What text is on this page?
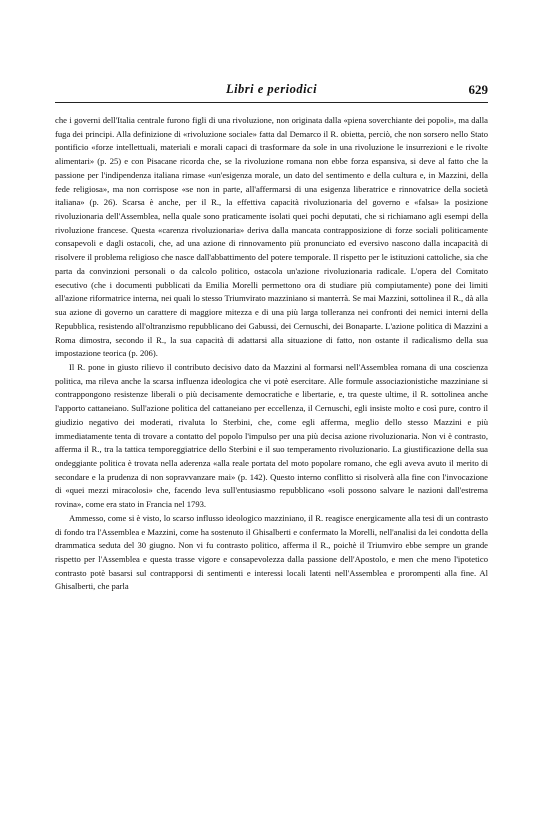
Libri e periodici	629

che i governi dell'Italia centrale furono figli di una rivoluzione, non originata dalla «piena soverchiante dei popoli», ma dalla fuga dei principi. Alla definizione di «rivoluzione sociale» fatta dal Demarco il R. obietta, perciò, che non sorsero nello Stato pontificio «forze intellettuali, materiali e morali capaci di trasformare da sole in una rivoluzione le insurrezioni e le rivolte alimentari» (p. 25) e con Pisacane ricorda che, se la rivoluzione romana non ebbe forza espansiva, si deve al fatto che la passione per l'indipendenza italiana rimase «un'esigenza morale, un dato del sentimento e della cultura e, in Mazzini, della fede religiosa», ma non corrispose «se non in parte, all'affermarsi di una esigenza liberatrice e rinnovatrice della società italiana» (p. 26). Scarsa è anche, per il R., la effettiva capacità rivoluzionaria del governo e «falsa» la posizione rivoluzionaria dell'Assemblea, nella quale sono praticamente isolati quei pochi deputati, che si richiamano agli esempi della rivoluzione francese. Questa «carenza rivoluzionaria» deriva dalla mancata contrapposizione di forze sociali politicamente consapevoli e dagli ostacoli, che, ad una azione di rinnovamento più pronunciato ed eversivo nascono dalla incapacità di risolvere il problema religioso che nasce dall'abbattimento del potere temporale. Il rispetto per le istituzioni cattoliche, sia che parta da convinzioni personali o da calcolo politico, ostacola un'azione rivoluzionaria radicale. L'opera del Comitato esecutivo (che i documenti pubblicati da Emilia Morelli permettono ora di studiare più compiutamente) pone dei limiti all'azione riformatrice interna, nei quali lo stesso Triumvirato mazziniano si manterrà. Se mai Mazzini, sottolinea il R., dà alla sua azione di governo un carattere di maggiore mitezza e di una più larga tolleranza nei confronti dei nemici interni della Repubblica, resistendo all'oltranzismo repubblicano dei Gabussi, dei Cernuschi, dei Bonaparte. L'azione politica di Mazzini a Roma dimostra, secondo il R., la sua capacità di adattarsi alla situazione di fatto, non ostante il radicalismo della sua impostazione teorica (p. 206).

Il R. pone in giusto rilievo il contributo decisivo dato da Mazzini al formarsi nell'Assemblea romana di una coscienza politica, ma rileva anche la scarsa influenza ideologica che vi potè esercitare. Alle formule associazionistiche mazziniane si contrappongono resistenze liberali o più decisamente democratiche e libertarie, e, tra queste ultime, il R. sottolinea anche l'apporto cattaneiano. Sull'azione politica del cattaneiano per eccellenza, il Cernuschi, egli insiste molto e così pure, contro il giudizio negativo dei moderati, rivaluta lo Sterbini, che, come egli afferma, meglio dello stesso Mazzini e più immediatamente tenta di trovare a contatto del popolo l'impulso per una più decisa azione rivoluzionaria. Non vi è contrasto, afferma il R., tra la tattica temporeggiatrice dello Sterbini e il suo temperamento rivoluzionario. La giustificazione della sua ondeggiante politica è trovata nella aderenza «alla reale portata del moto popolare romano, che egli aveva avuto il merito di secondare e la prudenza di non sopravvanzare mai» (p. 142). Questo interno conflitto si risolverà alla fine con l'invocazione di «quei mezzi miracolosi» che, facendo leva sull'entusiasmo repubblicano «soli possono salvare le nazioni dall'estrema rovina», come era stato in Francia nel 1793.

Ammesso, come si è visto, lo scarso influsso ideologico mazziniano, il R. reagisce energicamente alla tesi di un contrasto di fondo tra l'Assemblea e Mazzini, come ha sostenuto il Ghisalberti e confermato la Morelli, nell'analisi da lei condotta della drammatica seduta del 30 giugno. Non vi fu contrasto politico, afferma il R., poichè il Triumviro ebbe sempre un grande rispetto per l'Assemblea e questa trasse vigore e consapevolezza dalla passione dell'Apostolo, e men che meno l'ipotetico contrasto potè basarsi sul contrapporsi di sentimenti e interessi locali latenti nell'Assemblea e prorompenti alla fine. Al Ghisalberti, che parla
